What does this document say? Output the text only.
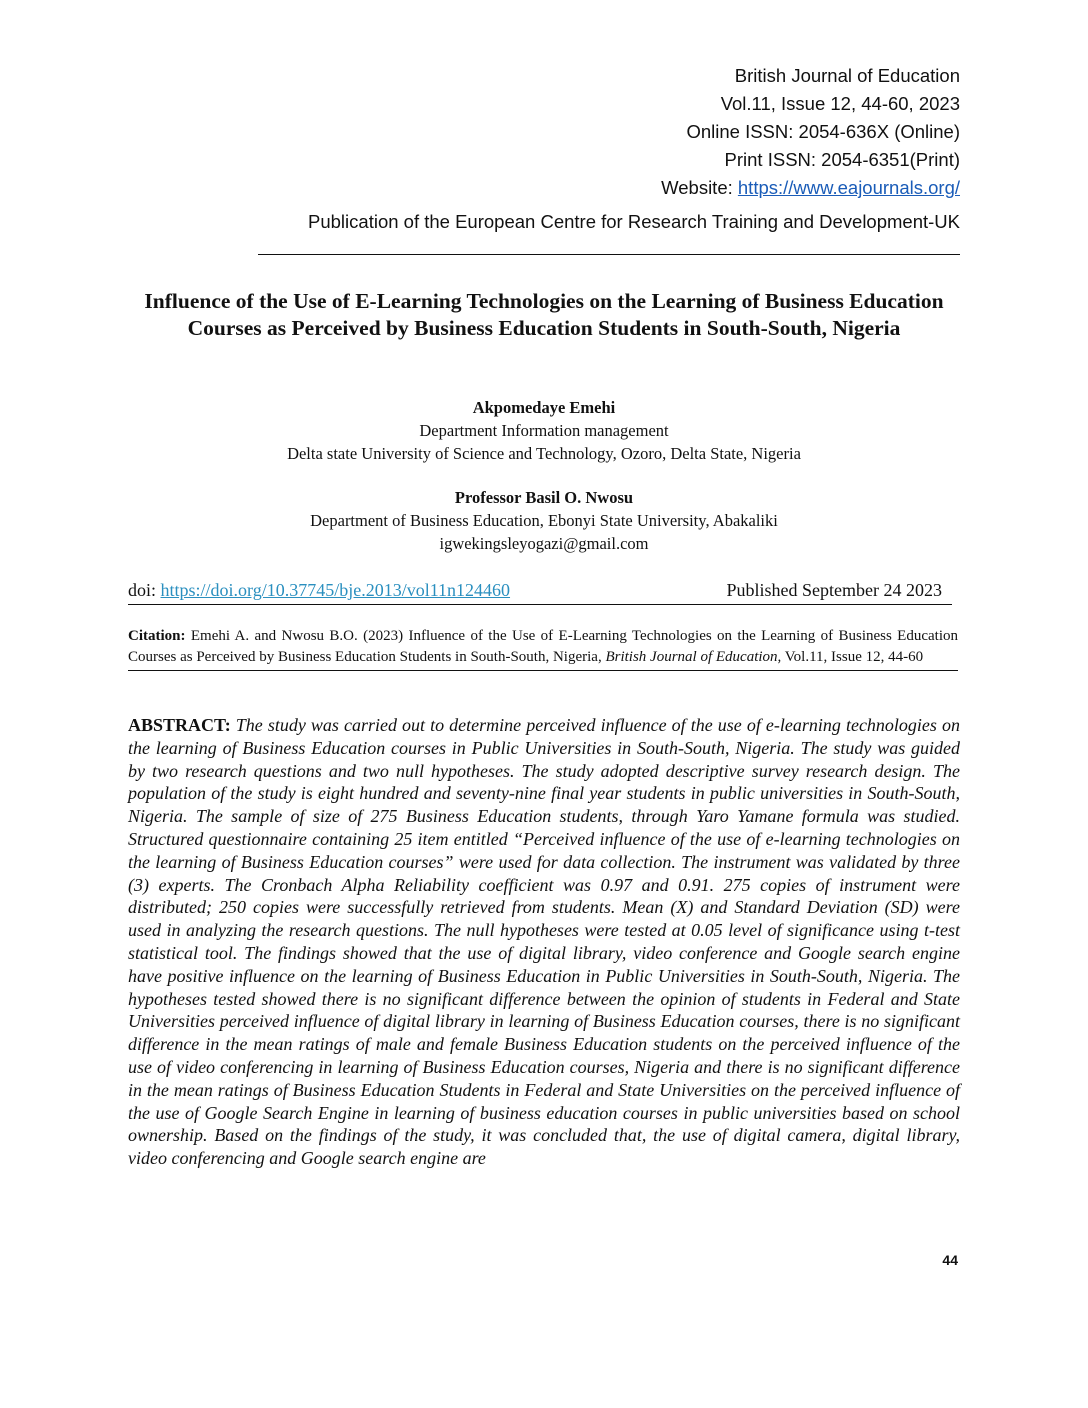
British Journal of Education
Vol.11, Issue 12, 44-60, 2023
Online ISSN: 2054-636X (Online)
Print ISSN: 2054-6351(Print)
Website: https://www.eajournals.org/
Publication of the European Centre for Research Training and Development-UK
Influence of the Use of E-Learning Technologies on the Learning of Business Education Courses as Perceived by Business Education Students in South-South, Nigeria
Akpomedaye Emehi
Department Information management
Delta state University of Science and Technology, Ozoro, Delta State, Nigeria
Professor Basil O. Nwosu
Department of Business Education, Ebonyi State University, Abakaliki
igwekingsleyogazi@gmail.com
doi: https://doi.org/10.37745/bje.2013/vol11n124460	Published September 24 2023
Citation: Emehi A. and Nwosu B.O. (2023) Influence of the Use of E-Learning Technologies on the Learning of Business Education Courses as Perceived by Business Education Students in South-South, Nigeria, British Journal of Education, Vol.11, Issue 12, 44-60

ABSTRACT: The study was carried out to determine perceived influence of the use of e-learning technologies on the learning of Business Education courses in Public Universities in South-South, Nigeria. The study was guided by two research questions and two null hypotheses. The study adopted descriptive survey research design. The population of the study is eight hundred and seventy-nine final year students in public universities in South-South, Nigeria. The sample of size of 275 Business Education students, through Yaro Yamane formula was studied. Structured questionnaire containing 25 item entitled “Perceived influence of the use of e-learning technologies on the learning of Business Education courses” were used for data collection. The instrument was validated by three (3) experts. The Cronbach Alpha Reliability coefficient was 0.97 and 0.91. 275 copies of instrument were distributed; 250 copies were successfully retrieved from students. Mean (X) and Standard Deviation (SD) were used in analyzing the research questions. The null hypotheses were tested at 0.05 level of significance using t-test statistical tool. The findings showed that the use of digital library, video conference and Google search engine have positive influence on the learning of Business Education in Public Universities in South-South, Nigeria. The hypotheses tested showed there is no significant difference between the opinion of students in Federal and State Universities perceived influence of digital library in learning of Business Education courses, there is no significant difference in the mean ratings of male and female Business Education students on the perceived influence of the use of video conferencing in learning of Business Education courses, Nigeria and there is no significant difference in the mean ratings of Business Education Students in Federal and State Universities on the perceived influence of the use of Google Search Engine in learning of business education courses in public universities based on school ownership. Based on the findings of the study, it was concluded that, the use of digital camera, digital library, video conferencing and Google search engine are

44
